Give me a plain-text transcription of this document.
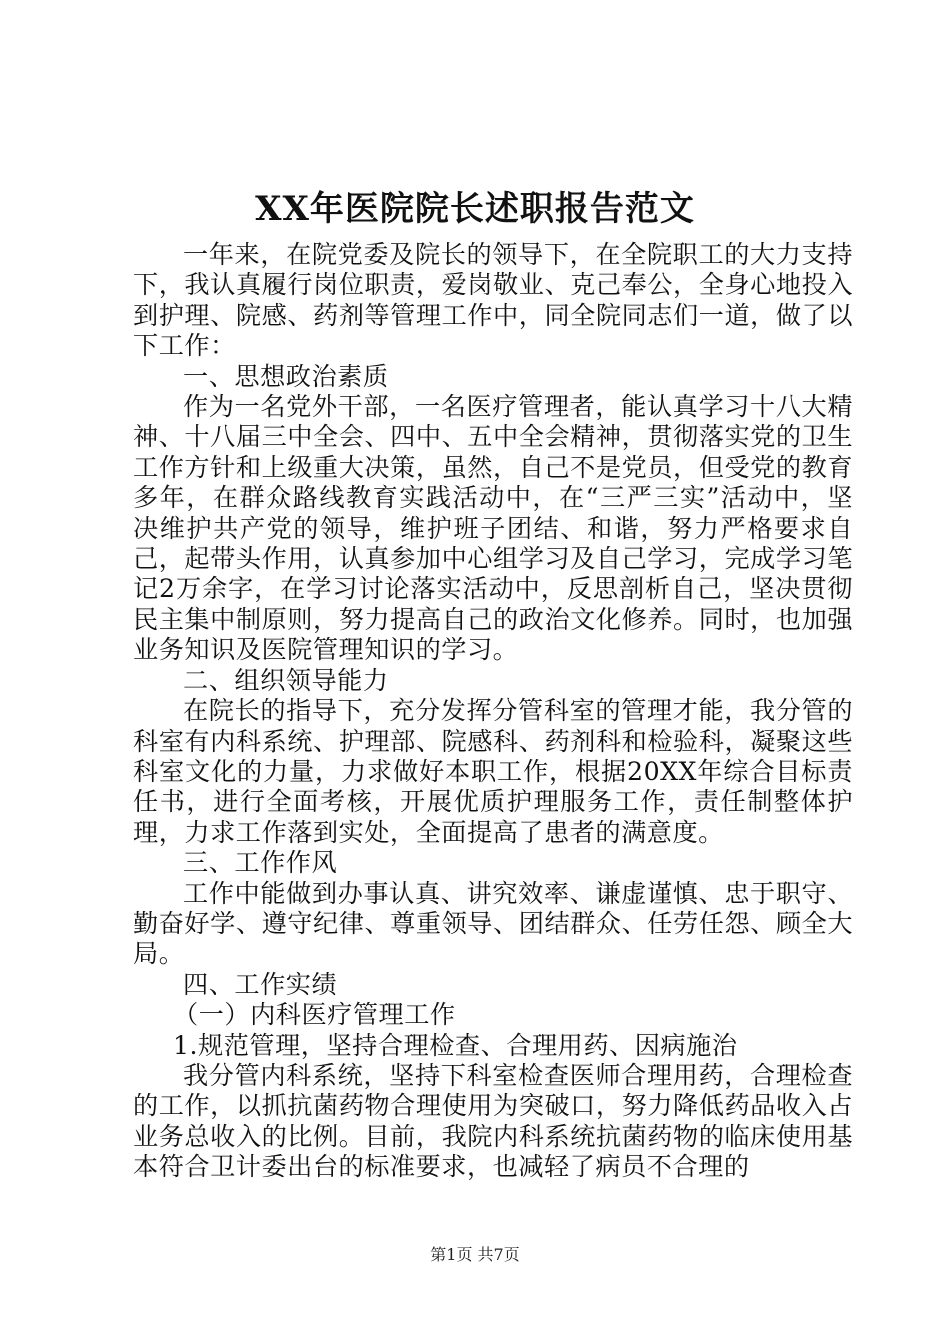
XX年医院院长述职报告范文

一年来，在院党委及院长的领导下，在全院职工的大力支持下，我认真履行岗位职责，爱岗敬业、克己奉公，全身心地投入到护理、院感、药剂等管理工作中，同全院同志们一道，做了以下工作：

一、思想政治素质

作为一名党外干部，一名医疗管理者，能认真学习十八大精神、十八届三中全会、四中、五中全会精神，贯彻落实党的卫生工作方针和上级重大决策，虽然，自己不是党员，但受党的教育多年，在群众路线教育实践活动中，在“三严三实”活动中，坚决维护共产党的领导，维护班子团结、和谐，努力严格要求自己，起带头作用，认真参加中心组学习及自己学习，完成学习笔记2万余字，在学习讨论落实活动中，反思剖析自己，坚决贯彻民主集中制原则，努力提高自己的政治文化修养。同时，也加强业务知识及医院管理知识的学习。

二、组织领导能力

在院长的指导下，充分发挥分管科室的管理才能，我分管的科室有内科系统、护理部、院感科、药剂科和检验科，凝聚这些科室文化的力量，力求做好本职工作，根据20XX年综合目标责任书，进行全面考核，开展优质护理服务工作，责任制整体护理，力求工作落到实处，全面提高了患者的满意度。

三、工作作风

工作中能做到办事认真、讲究效率、谦虚谨慎、忠于职守、勤奋好学、遵守纪律、尊重领导、团结群众、任劳任怨、顾全大局。

四、工作实绩

（一）内科医疗管理工作

1.规范管理，坚持合理检查、合理用药、因病施治

我分管内科系统，坚持下科室检查医师合理用药，合理检查的工作，以抓抗菌药物合理使用为突破口，努力降低药品收入占业务总收入的比例。目前，我院内科系统抗菌药物的临床使用基本符合卫计委出台的标准要求，也减轻了病员不合理的

第1页 共7页
